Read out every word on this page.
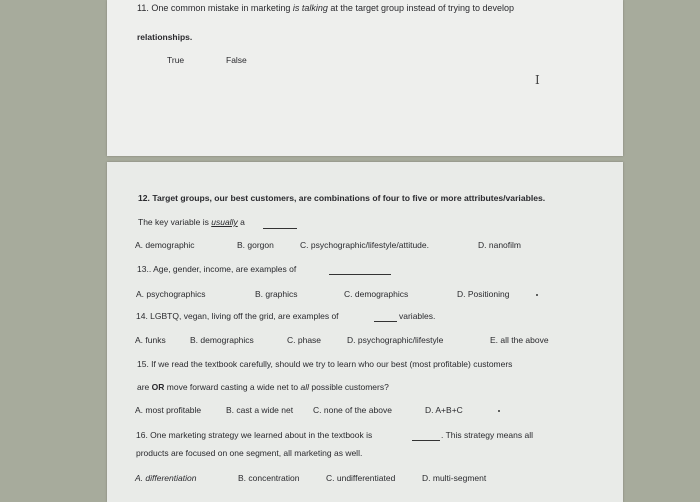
11. One common mistake in marketing is talking at the target group instead of trying to develop
relationships.
True	False
I
12. Target groups, our best customers, are combinations of four to five or more attributes/variables.
The key variable is usually a
A. demographic	B. gorgon	C. psychographic/lifestyle/attitude.	D. nanofilm
13.. Age, gender, income, are examples of
A. psychographics	B. graphics	C. demographics	D. Positioning
14. LGBTQ, vegan, living off the grid, are examples of	variables.
A. funks	B. demographics	C. phase	D. psychographic/lifestyle	E. all the above
15. If we read the textbook carefully, should we try to learn who our best (most profitable) customers
are OR move forward casting a wide net to all possible customers?
A. most profitable	B. cast a wide net C. none of the above	D. A+B+C
16. One marketing strategy we learned about in the textbook is	. This strategy means all
products are focused on one segment, all marketing as well.
A. differentiation	B. concentration	C. undifferentiated	D. multi-segment
